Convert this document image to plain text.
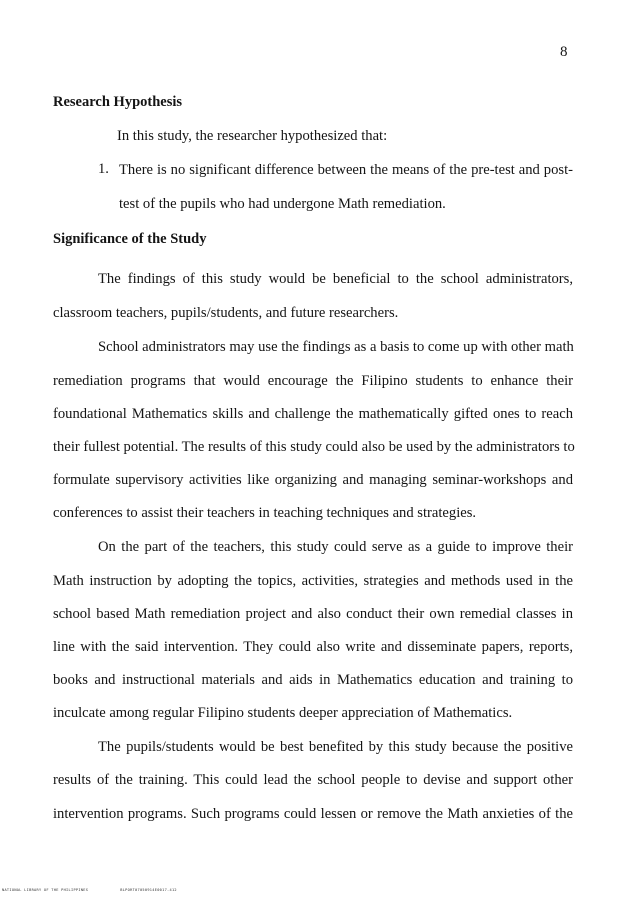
8
Research Hypothesis
In this study, the researcher hypothesized that:
1. There is no significant difference between the means of the pre-test and post-
test of the pupils who had undergone Math remediation.
Significance of the Study
The findings of this study would be beneficial to the school administrators,
classroom teachers, pupils/students, and future researchers.
School administrators may use the findings as a basis to come up with other math
remediation programs that would encourage the Filipino students to enhance their
foundational Mathematics skills and challenge the mathematically gifted ones to reach
their fullest potential. The results of this study could also be used by the administrators to
formulate supervisory activities like organizing and managing seminar-workshops and
conferences to assist their teachers in teaching techniques and strategies.
On the part of the teachers, this study could serve as a guide to improve their
Math instruction by adopting the topics, activities, strategies and methods used in the
school based Math remediation project and also conduct their own remedial classes in
line with the said intervention. They could also write and disseminate papers, reports,
books and instructional materials and aids in Mathematics education and training to
inculcate among regular Filipino students deeper appreciation of Mathematics.
The pupils/students would be best benefited by this study because the positive
results of the training. This could lead the school people to devise and support other
intervention programs. Such programs could lessen or remove the Math anxieties of the
NATIONAL LIBRARY OF THE PHILIPPINES	BLPORT07050914E0017-412
